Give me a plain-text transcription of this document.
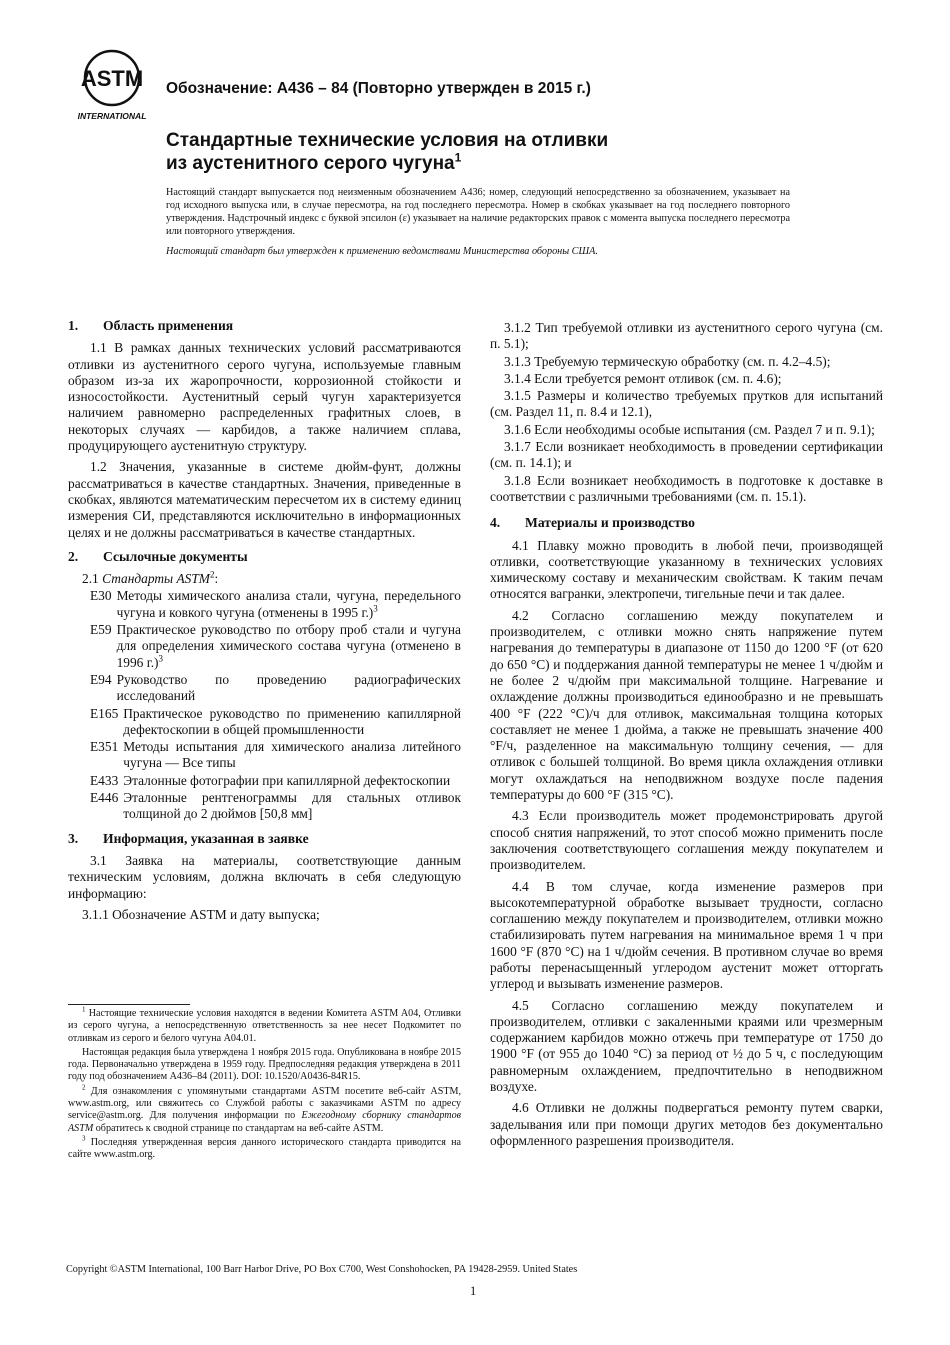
ASTM
INTERNATIONAL
Обозначение: A436 – 84 (Повторно утвержден в 2015 г.)
Стандартные технические условия на отливки
из аустенитного серого чугуна$^1$

Настоящий стандарт выпускается под неизменным обозначением A436; номер, следующий непосредственно за обозначением, указывает на год исходного выпуска или, в случае пересмотра, на год последнего пересмотра. Номер в скобках указывает на год последнего повторного утверждения. Надстрочный индекс с буквой эпсилон (ε) указывает на наличие редакторских правок с момента выпуска последнего пересмотра или повторного утверждения.

Настоящий стандарт был утвержден к применению ведомствами Министерства обороны США.

1.	Область применения

1.1 В рамках данных технических условий рассматриваются отливки из аустенитного серого чугуна, используемые главным образом из-за их жаропрочности, коррозионной стойкости и износостойкости. Аустенитный серый чугун характеризуется наличием равномерно распределенных графитных слоев, в некоторых случаях — карбидов, а также наличием сплава, продуцирующего аустенитную структуру.

1.2 Значения, указанные в системе дюйм-фунт, должны рассматриваться в качестве стандартных. Значения, приведенные в скобках, являются математическим пересчетом их в систему единиц измерения СИ, представляются исключительно в информационных целях и не должны рассматриваться в качестве стандартных.

2.	Ссылочные документы

2.1 Стандарты ASTM$^2$:

E30 Методы химического анализа стали, чугуна, передельного чугуна и ковкого чугуна (отменены в 1995 г.)$^3$
E59 Практическое руководство по отбору проб стали и чугуна для определения химического состава чугуна (отменено в 1996 г.)$^3$
E94 Руководство по проведению радиографических исследований
E165 Практическое руководство по применению капиллярной дефектоскопии в общей промышленности
E351 Методы испытания для химического анализа литейного чугуна — Все типы
E433 Эталонные фотографии при капиллярной дефектоскопии
E446 Эталонные рентгенограммы для стальных отливок толщиной до 2 дюймов [50,8 мм]
3.	Информация, указанная в заявке

3.1 Заявка на материалы, соответствующие данным техническим условиям, должна включать в себя следующую информацию:

3.1.1 Обозначение ASTM и дату выпуска;

$^1$ Настоящие технические условия находятся в ведении Комитета ASTM A04, Отливки из серого чугуна, а непосредственную ответственность за нее несет Подкомитет по отливкам из серого и белого чугуна A04.01.

Настоящая редакция была утверждена 1 ноября 2015 года. Опубликована в ноябре 2015 года. Первоначально утверждена в 1959 году. Предпоследняя редакция утверждена в 2011 году под обозначением A436–84 (2011). DOI: 10.1520/A0436-84R15.

$^2$ Для ознакомления с упомянутыми стандартами ASTM посетите веб-сайт ASTM, www.astm.org, или свяжитесь со Службой работы с заказчиками ASTM по адресу service@astm.org. Для получения информации по Ежегодному сборнику стандартов ASTM обратитесь к сводной странице по стандартам на веб-сайте ASTM.

$^3$ Последняя утвержденная версия данного исторического стандарта приводится на сайте www.astm.org.

3.1.2 Тип требуемой отливки из аустенитного серого чугуна (см. п. 5.1);

3.1.3 Требуемую термическую обработку (см. п. 4.2–4.5);

3.1.4 Если требуется ремонт отливок (см. п. 4.6);

3.1.5 Размеры и количество требуемых прутков для испытаний (см. Раздел 11, п. 8.4 и 12.1),

3.1.6 Если необходимы особые испытания (см. Раздел 7 и п. 9.1);

3.1.7 Если возникает необходимость в проведении сертификации (см. п. 14.1); и

3.1.8 Если возникает необходимость в подготовке к доставке в соответствии с различными требованиями (см. п. 15.1).

4.	Материалы и производство

4.1 Плавку можно проводить в любой печи, производящей отливки, соответствующие указанному в технических условиях химическому составу и механическим свойствам. К таким печам относятся вагранки, электропечи, тигельные печи и так далее.

4.2 Согласно соглашению между покупателем и производителем, с отливки можно снять напряжение путем нагревания до температуры в диапазоне от 1150 до 1200 °F (от 620 до 650 °C) и поддержания данной температуры не менее 1 ч/дюйм и не более 2 ч/дюйм при максимальной толщине. Нагревание и охлаждение должны производиться единообразно и не превышать 400 °F (222 °C)/ч для отливок, максимальная толщина которых составляет не менее 1 дюйма, а также не превышать значение 400 °F/ч, разделенное на максимальную толщину сечения, — для отливок с большей толщиной. Во время цикла охлаждения отливки могут охлаждаться на неподвижном воздухе после падения температуры до 600 °F (315 °C).

4.3 Если производитель может продемонстрировать другой способ снятия напряжений, то этот способ можно применить после заключения соответствующего соглашения между покупателем и производителем.

4.4 В том случае, когда изменение размеров при высокотемпературной обработке вызывает трудности, согласно соглашению между покупателем и производителем, отливки можно стабилизировать путем нагревания на минимальное время 1 ч при 1600 °F (870 °C) на 1 ч/дюйм сечения. В противном случае во время работы перенасыщенный углеродом аустенит может отторгать углерод и вызывать изменение размеров.

4.5 Согласно соглашению между покупателем и производителем, отливки с закаленными краями или чрезмерным содержанием карбидов можно отжечь при температуре от 1750 до 1900 °F (от 955 до 1040 °C) за период от ½ до 5 ч, с последующим равномерным охлаждением, предпочтительно в неподвижном воздухе.

4.6 Отливки не должны подвергаться ремонту путем сварки, заделывания или при помощи других методов без документально оформленного разрешения производителя.

Copyright ©ASTM International, 100 Barr Harbor Drive, PO Box C700, West Conshohocken, PA 19428-2959. United States
1
